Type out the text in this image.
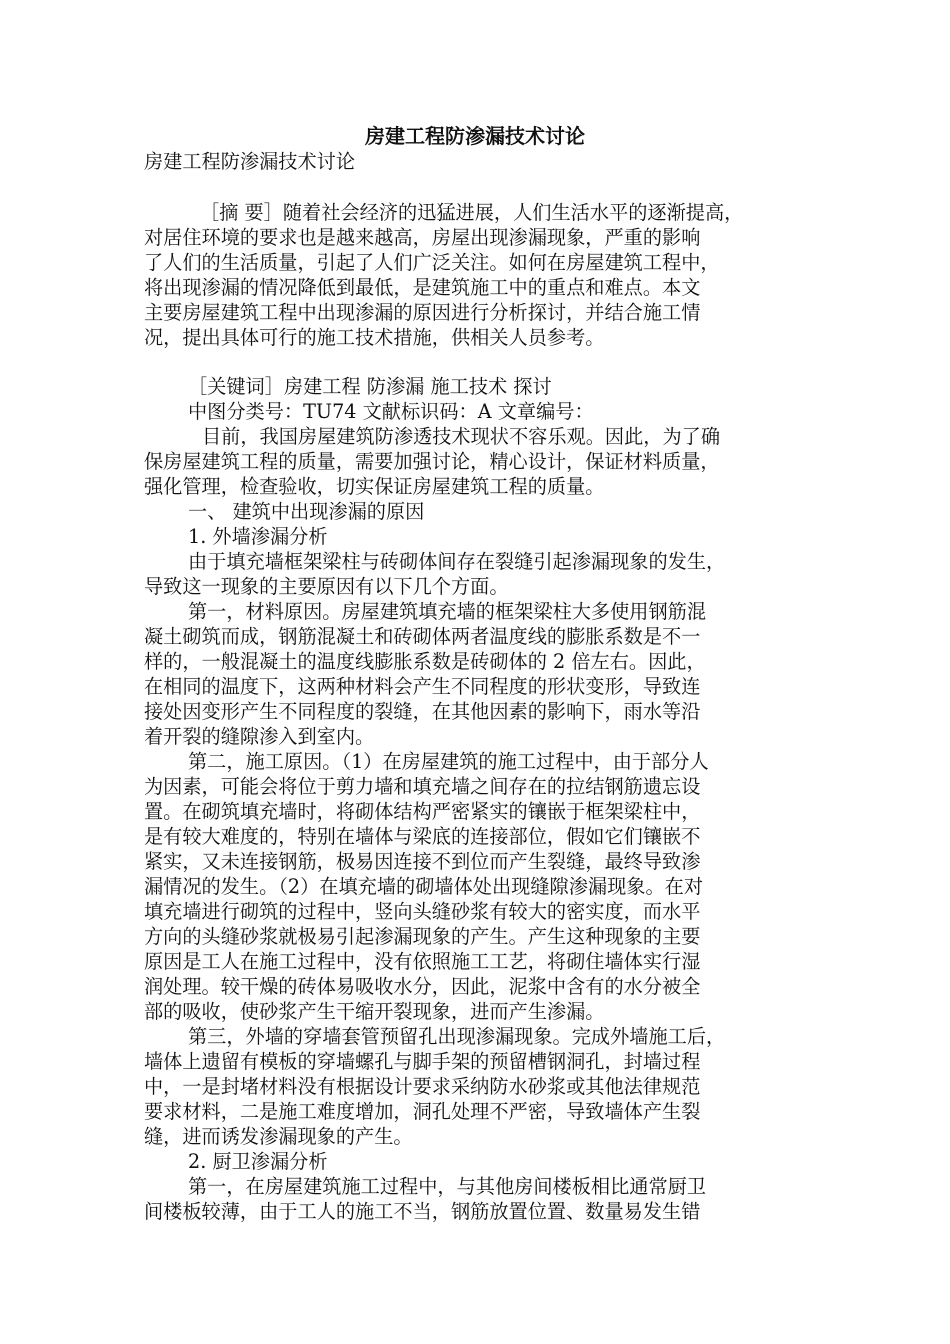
房建工程防渗漏技术讨论
房建工程防渗漏技术讨论
［摘 要］随着社会经济的迅猛进展，人们生活水平的逐渐提高，
对居住环境的要求也是越来越高，房屋出现渗漏现象，严重的影响
了人们的生活质量，引起了人们广泛关注。如何在房屋建筑工程中，
将出现渗漏的情况降低到最低，是建筑施工中的重点和难点。本文
主要房屋建筑工程中出现渗漏的原因进行分析探讨，并结合施工情
况，提出具体可行的施工技术措施，供相关人员参考。
［关键词］房建工程 防渗漏 施工技术 探讨
中图分类号：TU74 文献标识码：A 文章编号：
目前，我国房屋建筑防渗透技术现状不容乐观。因此，为了确
保房屋建筑工程的质量，需要加强讨论，精心设计，保证材料质量，
强化管理，检查验收，切实保证房屋建筑工程的质量。
一、 建筑中出现渗漏的原因
1. 外墙渗漏分析
由于填充墙框架梁柱与砖砌体间存在裂缝引起渗漏现象的发生，
导致这一现象的主要原因有以下几个方面。
第一，材料原因。房屋建筑填充墙的框架梁柱大多使用钢筋混
凝土砌筑而成，钢筋混凝土和砖砌体两者温度线的膨胀系数是不一
样的，一般混凝土的温度线膨胀系数是砖砌体的 2 倍左右。因此，
在相同的温度下，这两种材料会产生不同程度的形状变形，导致连
接处因变形产生不同程度的裂缝，在其他因素的影响下，雨水等沿
着开裂的缝隙渗入到室内。
第二，施工原因。（1）在房屋建筑的施工过程中，由于部分人
为因素，可能会将位于剪力墙和填充墙之间存在的拉结钢筋遗忘设
置。在砌筑填充墙时，将砌体结构严密紧实的镶嵌于框架梁柱中，
是有较大难度的，特别在墙体与梁底的连接部位，假如它们镶嵌不
紧实，又未连接钢筋，极易因连接不到位而产生裂缝，最终导致渗
漏情况的发生。（2）在填充墙的砌墙体处出现缝隙渗漏现象。在对
填充墙进行砌筑的过程中，竖向头缝砂浆有较大的密实度，而水平
方向的头缝砂浆就极易引起渗漏现象的产生。产生这种现象的主要
原因是工人在施工过程中，没有依照施工工艺，将砌住墙体实行湿
润处理。较干燥的砖体易吸收水分，因此，泥浆中含有的水分被全
部的吸收，使砂浆产生干缩开裂现象，进而产生渗漏。
第三，外墙的穿墙套管预留孔出现渗漏现象。完成外墙施工后，
墙体上遗留有模板的穿墙螺孔与脚手架的预留槽钢洞孔，封墙过程
中，一是封堵材料没有根据设计要求采纳防水砂浆或其他法律规范
要求材料，二是施工难度增加，洞孔处理不严密，导致墙体产生裂
缝，进而诱发渗漏现象的产生。
2. 厨卫渗漏分析
第一，在房屋建筑施工过程中，与其他房间楼板相比通常厨卫
间楼板较薄，由于工人的施工不当，钢筋放置位置、数量易发生错
